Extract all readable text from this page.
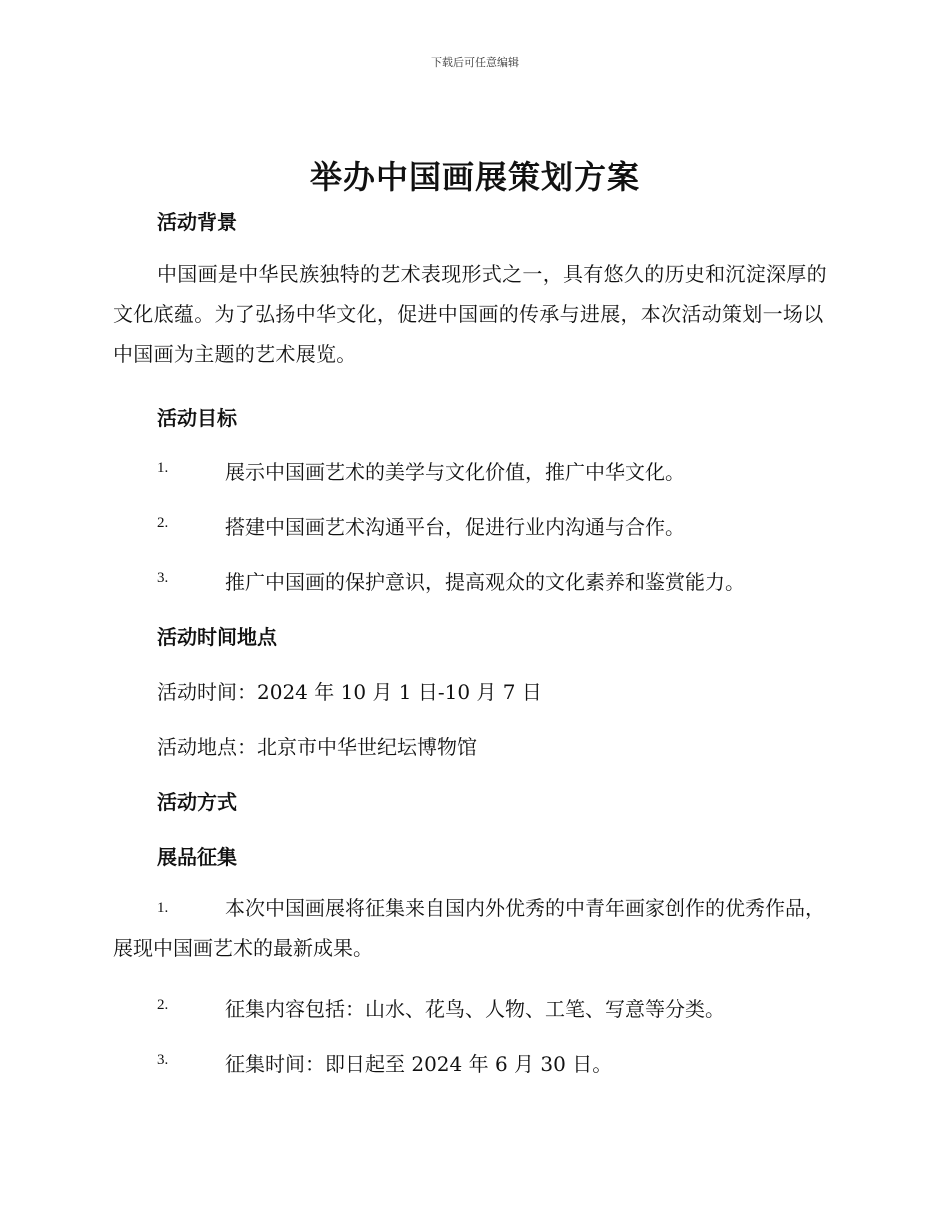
下载后可任意编辑
举办中国画展策划方案
活动背景
中国画是中华民族独特的艺术表现形式之一，具有悠久的历史和沉淀深厚的文化底蕴。为了弘扬中华文化，促进中国画的传承与进展，本次活动策划一场以中国画为主题的艺术展览。
活动目标
1.	展示中国画艺术的美学与文化价值，推广中华文化。
2.	搭建中国画艺术沟通平台，促进行业内沟通与合作。
3.	推广中国画的保护意识，提高观众的文化素养和鉴赏能力。
活动时间地点
活动时间：2024 年 10 月 1 日-10 月 7 日
活动地点：北京市中华世纪坛博物馆
活动方式
展品征集
1.	本次中国画展将征集来自国内外优秀的中青年画家创作的优秀作品，展现中国画艺术的最新成果。
2.	征集内容包括：山水、花鸟、人物、工笔、写意等分类。
3.	征集时间：即日起至 2024 年 6 月 30 日。
